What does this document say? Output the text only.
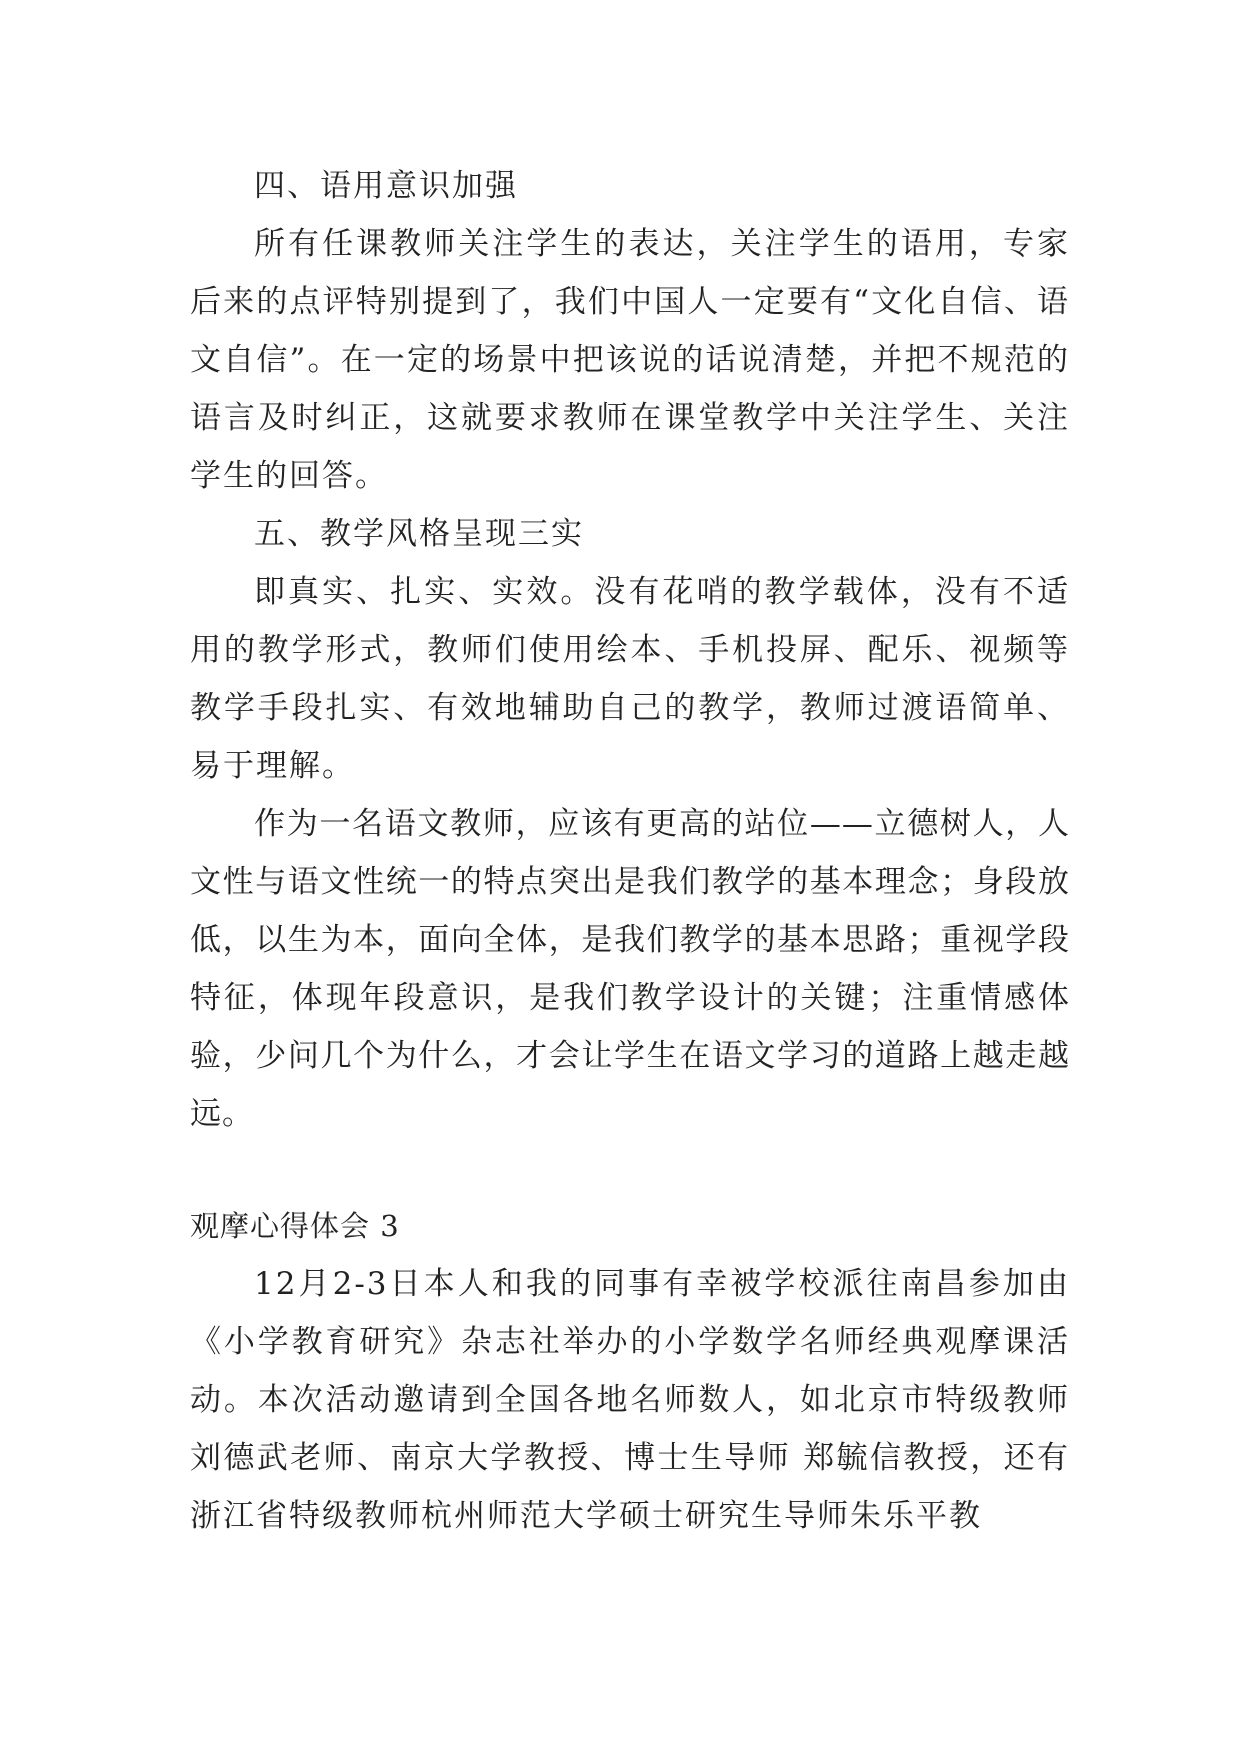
四、语用意识加强

所有任课教师关注学生的表达，关注学生的语用，专家后来的点评特别提到了，我们中国人一定要有“文化自信、语文自信”。在一定的场景中把该说的话说清楚，并把不规范的语言及时纠正，这就要求教师在课堂教学中关注学生、关注学生的回答。

五、教学风格呈现三实

即真实、扎实、实效。没有花哨的教学载体，没有不适用的教学形式，教师们使用绘本、手机投屏、配乐、视频等教学手段扎实、有效地辅助自己的教学，教师过渡语简单、易于理解。

作为一名语文教师，应该有更高的站位——立德树人，人文性与语文性统一的特点突出是我们教学的基本理念；身段放低，以生为本，面向全体，是我们教学的基本思路；重视学段特征，体现年段意识，是我们教学设计的关键；注重情感体验，少问几个为什么，才会让学生在语文学习的道路上越走越远。

观摩心得体会 3

12月2-3日本人和我的同事有幸被学校派往南昌参加由《小学教育研究》杂志社举办的小学数学名师经典观摩课活动。本次活动邀请到全国各地名师数人，如北京市特级教师刘德武老师、南京大学教授、博士生导师 郑毓信教授，还有浙江省特级教师杭州师范大学硕士研究生导师朱乐平教
